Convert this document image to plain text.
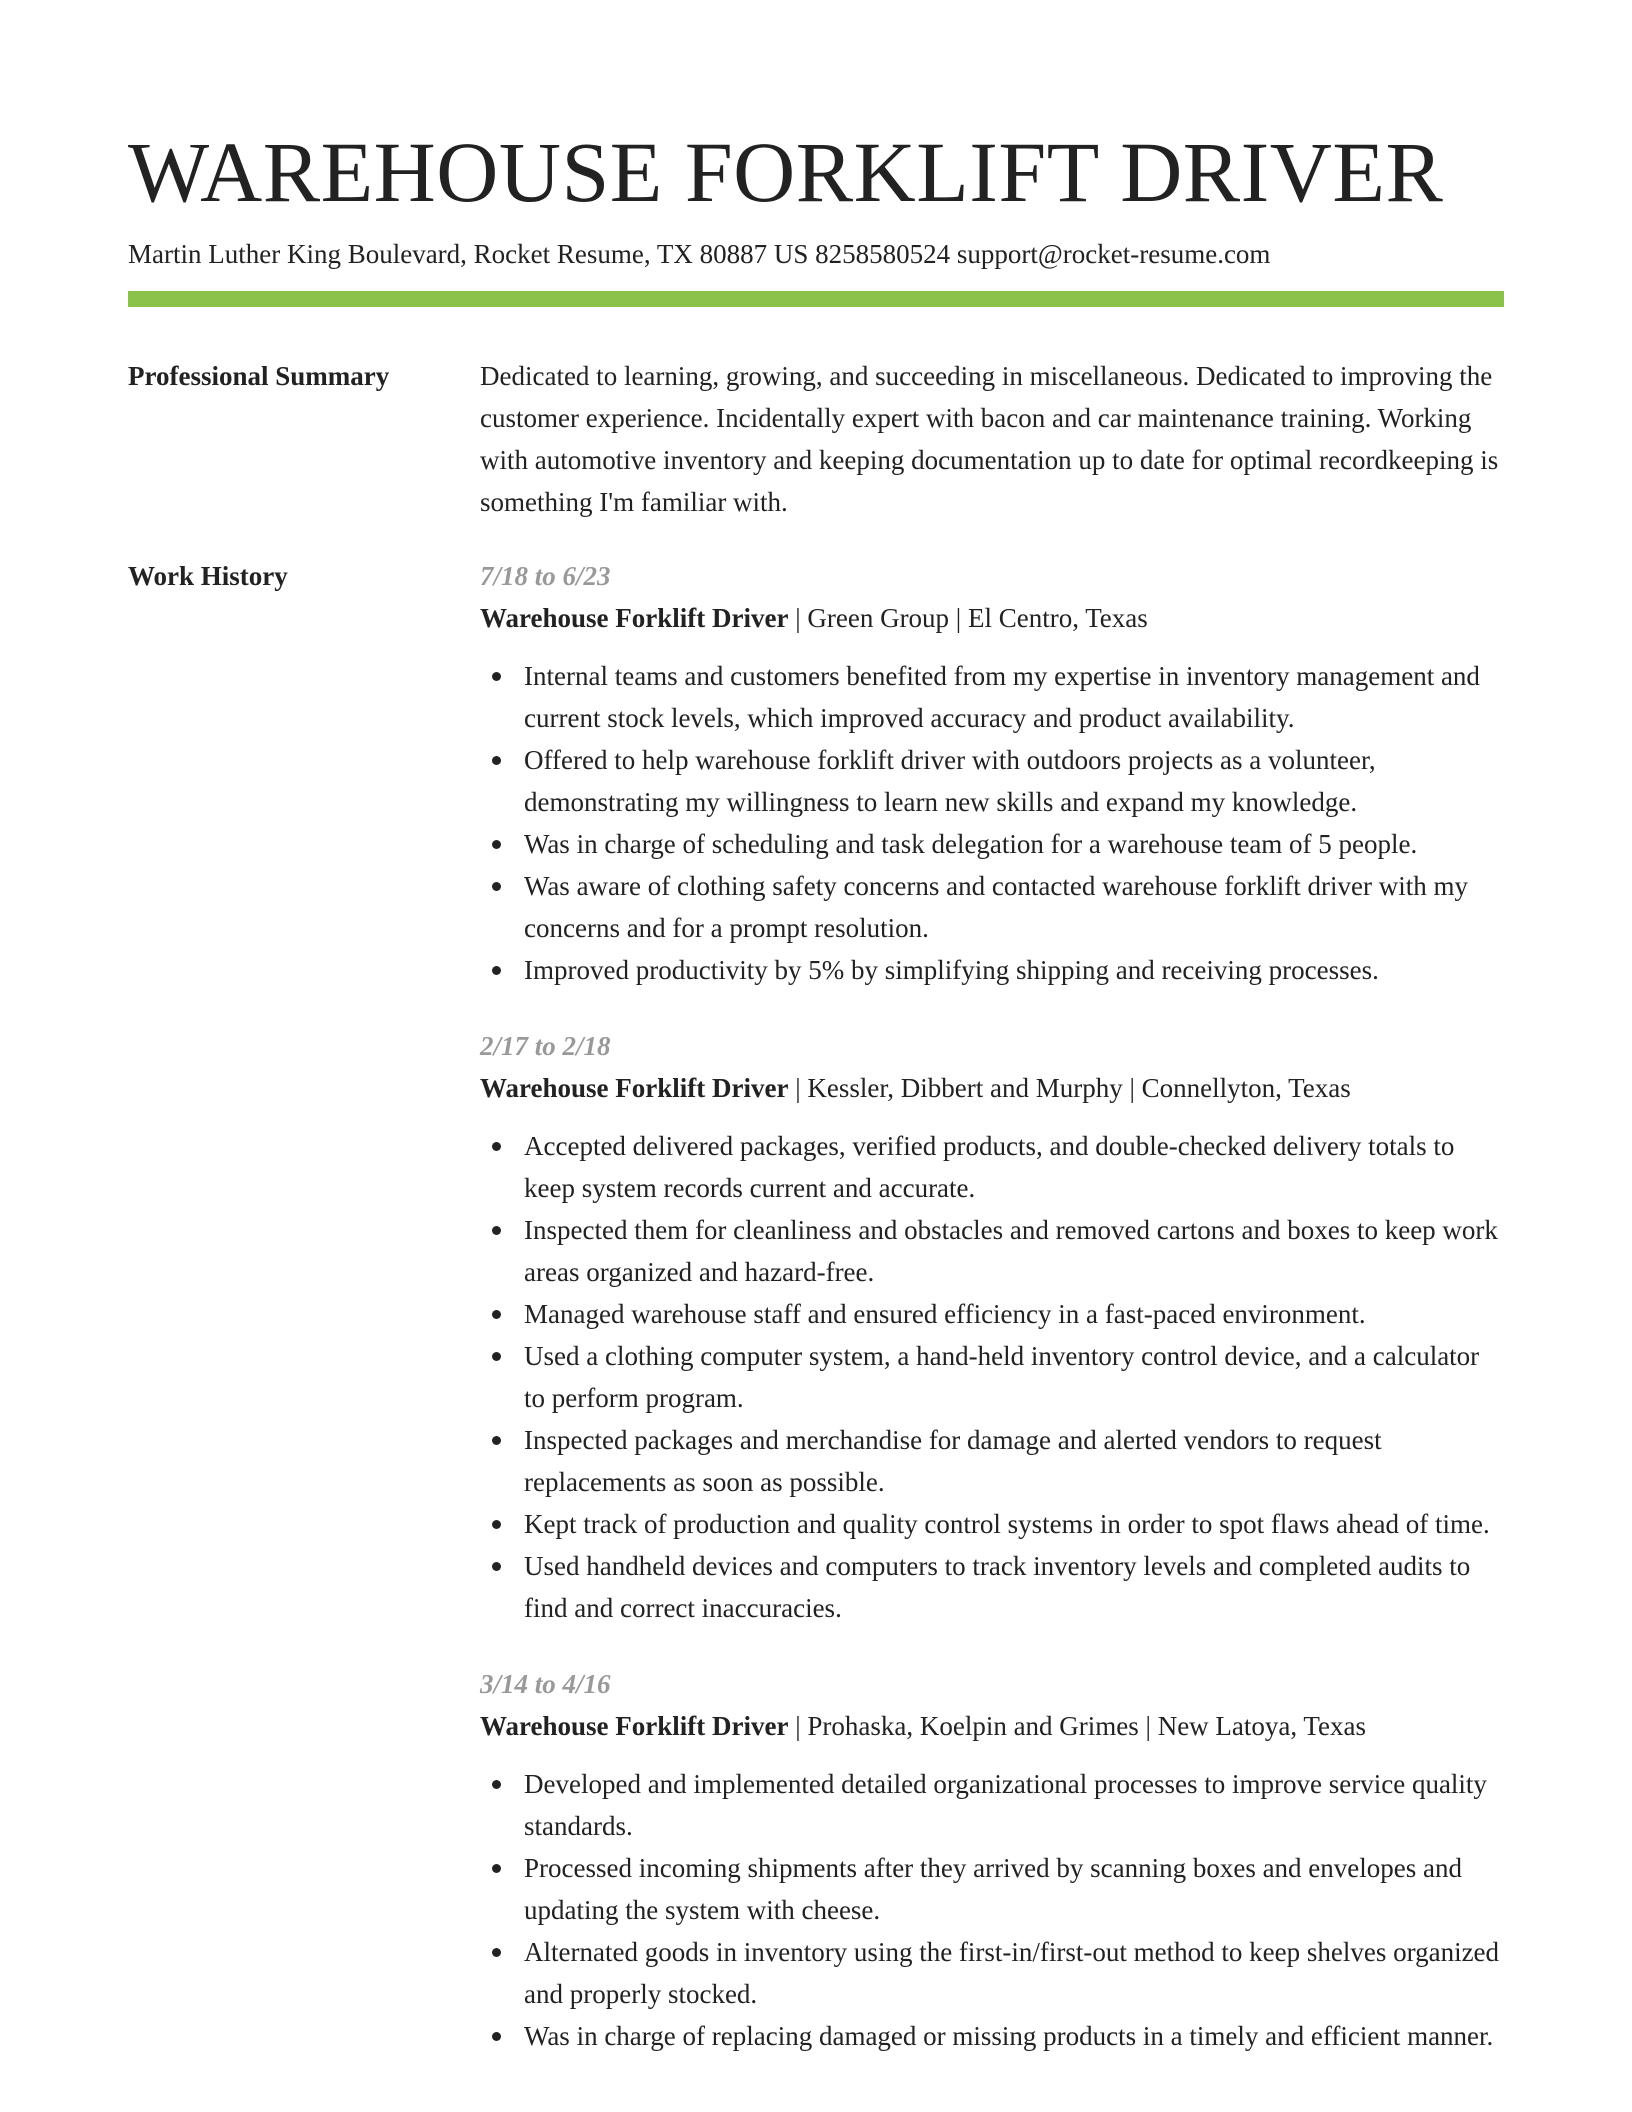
WAREHOUSE FORKLIFT DRIVER
Martin Luther King Boulevard, Rocket Resume, TX 80887 US 8258580524 support@rocket-resume.com
Professional Summary	Dedicated to learning, growing, and succeeding in miscellaneous. Dedicated to improving the customer experience. Incidentally expert with bacon and car maintenance training. Working with automotive inventory and keeping documentation up to date for optimal recordkeeping is something I'm familiar with.
Work History	7/18 to 6/23
Warehouse Forklift Driver | Green Group | El Centro, Texas
Internal teams and customers benefited from my expertise in inventory management and current stock levels, which improved accuracy and product availability.
Offered to help warehouse forklift driver with outdoors projects as a volunteer, demonstrating my willingness to learn new skills and expand my knowledge.
Was in charge of scheduling and task delegation for a warehouse team of 5 people.
Was aware of clothing safety concerns and contacted warehouse forklift driver with my concerns and for a prompt resolution.
Improved productivity by 5% by simplifying shipping and receiving processes.
2/17 to 2/18
Warehouse Forklift Driver | Kessler, Dibbert and Murphy | Connellyton, Texas
Accepted delivered packages, verified products, and double-checked delivery totals to keep system records current and accurate.
Inspected them for cleanliness and obstacles and removed cartons and boxes to keep work areas organized and hazard-free.
Managed warehouse staff and ensured efficiency in a fast-paced environment.
Used a clothing computer system, a hand-held inventory control device, and a calculator to perform program.
Inspected packages and merchandise for damage and alerted vendors to request replacements as soon as possible.
Kept track of production and quality control systems in order to spot flaws ahead of time.
Used handheld devices and computers to track inventory levels and completed audits to find and correct inaccuracies.
3/14 to 4/16
Warehouse Forklift Driver | Prohaska, Koelpin and Grimes | New Latoya, Texas
Developed and implemented detailed organizational processes to improve service quality standards.
Processed incoming shipments after they arrived by scanning boxes and envelopes and updating the system with cheese.
Alternated goods in inventory using the first-in/first-out method to keep shelves organized and properly stocked.
Was in charge of replacing damaged or missing products in a timely and efficient manner.
